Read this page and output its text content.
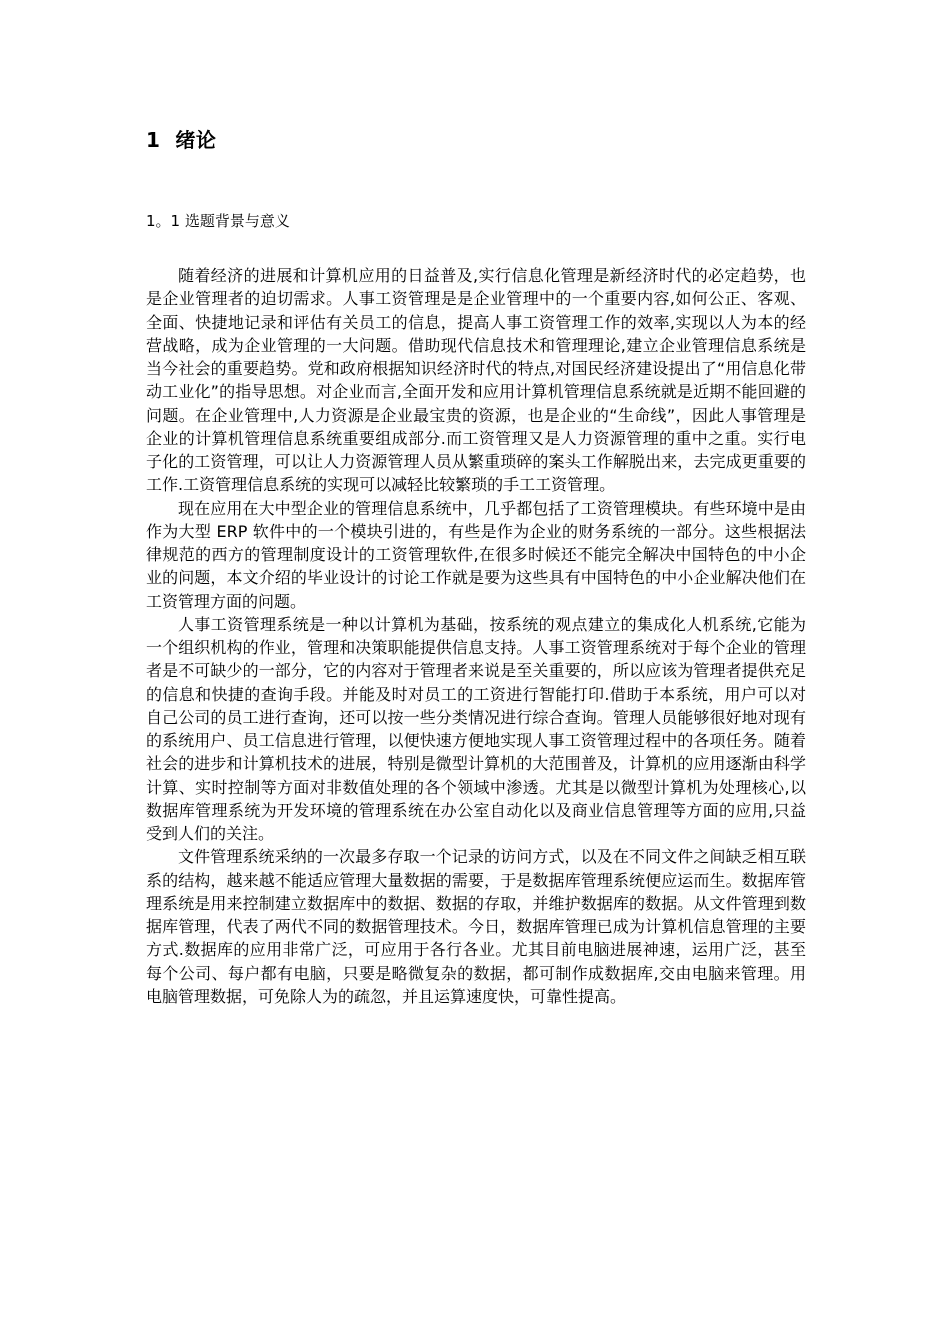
1 绪论
1。1 选题背景与意义

随着经济的进展和计算机应用的日益普及,实行信息化管理是新经济时代的必定趋势，也是企业管理者的迫切需求。人事工资管理是是企业管理中的一个重要内容,如何公正、客观、全面、快捷地记录和评估有关员工的信息，提高人事工资管理工作的效率,实现以人为本的经营战略，成为企业管理的一大问题。借助现代信息技术和管理理论,建立企业管理信息系统是当今社会的重要趋势。党和政府根据知识经济时代的特点,对国民经济建设提出了“用信息化带动工业化”的指导思想。对企业而言,全面开发和应用计算机管理信息系统就是近期不能回避的问题。在企业管理中,人力资源是企业最宝贵的资源，也是企业的“生命线”，因此人事管理是企业的计算机管理信息系统重要组成部分.而工资管理又是人力资源管理的重中之重。实行电子化的工资管理，可以让人力资源管理人员从繁重琐碎的案头工作解脱出来，去完成更重要的工作.工资管理信息系统的实现可以减轻比较繁琐的手工工资管理。

现在应用在大中型企业的管理信息系统中，几乎都包括了工资管理模块。有些环境中是由作为大型 ERP 软件中的一个模块引进的，有些是作为企业的财务系统的一部分。这些根据法律规范的西方的管理制度设计的工资管理软件,在很多时候还不能完全解决中国特色的中小企业的问题，本文介绍的毕业设计的讨论工作就是要为这些具有中国特色的中小企业解决他们在工资管理方面的问题。

人事工资管理系统是一种以计算机为基础，按系统的观点建立的集成化人机系统,它能为一个组织机构的作业，管理和决策职能提供信息支持。人事工资管理系统对于每个企业的管理者是不可缺少的一部分，它的内容对于管理者来说是至关重要的，所以应该为管理者提供充足的信息和快捷的查询手段。并能及时对员工的工资进行智能打印.借助于本系统，用户可以对自己公司的员工进行查询，还可以按一些分类情况进行综合查询。管理人员能够很好地对现有的系统用户、员工信息进行管理，以便快速方便地实现人事工资管理过程中的各项任务。随着社会的进步和计算机技术的进展，特别是微型计算机的大范围普及，计算机的应用逐渐由科学计算、实时控制等方面对非数值处理的各个领域中渗透。尤其是以微型计算机为处理核心,以数据库管理系统为开发环境的管理系统在办公室自动化以及商业信息管理等方面的应用,只益受到人们的关注。

文件管理系统采纳的一次最多存取一个记录的访问方式，以及在不同文件之间缺乏相互联系的结构，越来越不能适应管理大量数据的需要，于是数据库管理系统便应运而生。数据库管理系统是用来控制建立数据库中的数据、数据的存取，并维护数据库的数据。从文件管理到数据库管理，代表了两代不同的数据管理技术。今日，数据库管理已成为计算机信息管理的主要方式.数据库的应用非常广泛，可应用于各行各业。尤其目前电脑进展神速，运用广泛，甚至每个公司、每户都有电脑，只要是略微复杂的数据，都可制作成数据库,交由电脑来管理。用电脑管理数据，可免除人为的疏忽，并且运算速度快，可靠性提高。
